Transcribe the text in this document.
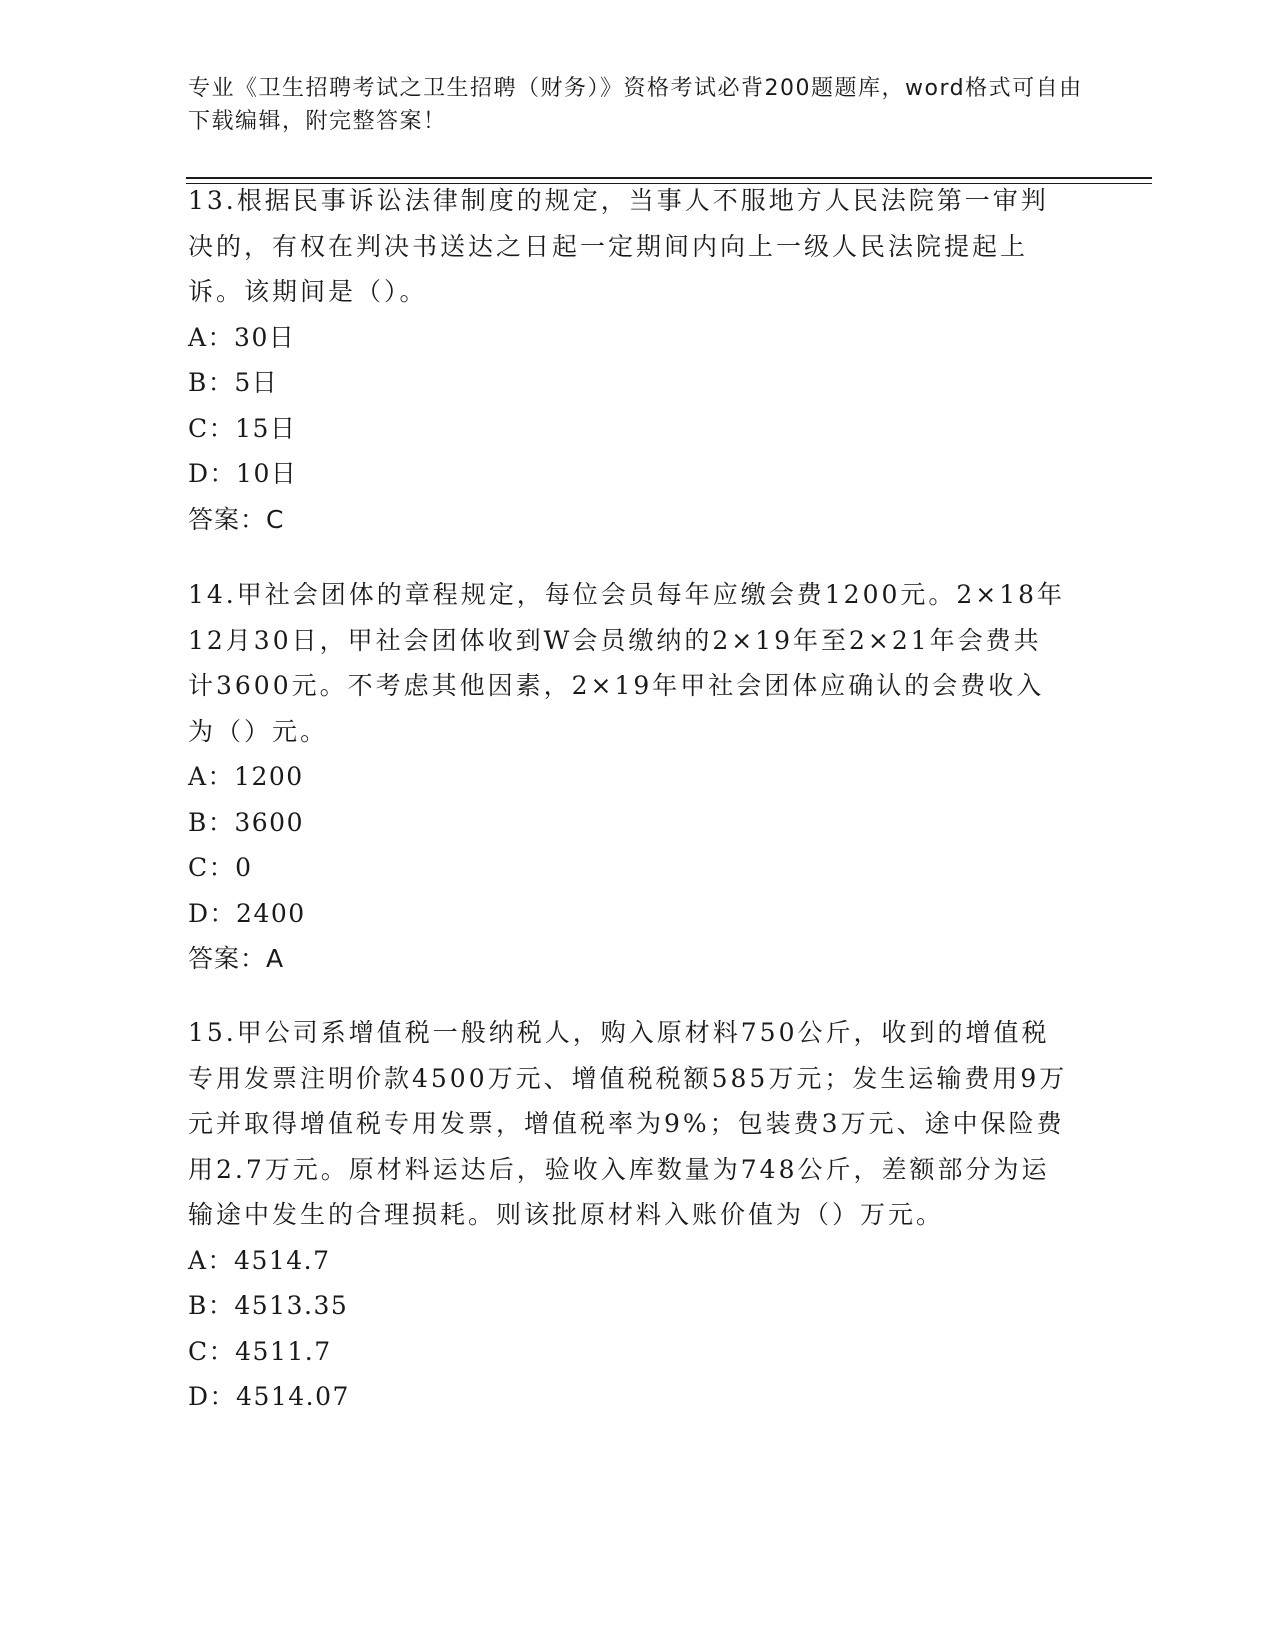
专业《卫生招聘考试之卫生招聘（财务）》资格考试必背200题题库，word格式可自由下载编辑，附完整答案！

13.根据民事诉讼法律制度的规定，当事人不服地方人民法院第一审判决的，有权在判决书送达之日起一定期间内向上一级人民法院提起上诉。该期间是（）。

A：30日

B：5日

C：15日

D：10日

答案：C

14.甲社会团体的章程规定，每位会员每年应缴会费1200元。2×18年12月30日，甲社会团体收到W会员缴纳的2×19年至2×21年会费共计3600元。不考虑其他因素，2×19年甲社会团体应确认的会费收入为（）元。

A：1200

B：3600

C：0

D：2400

答案：A

15.甲公司系增值税一般纳税人，购入原材料750公斤，收到的增值税专用发票注明价款4500万元、增值税税额585万元；发生运输费用9万元并取得增值税专用发票，增值税率为9%；包装费3万元、途中保险费用2.7万元。原材料运达后，验收入库数量为748公斤，差额部分为运输途中发生的合理损耗。则该批原材料入账价值为（）万元。

A：4514.7

B：4513.35

C：4511.7

D：4514.07
